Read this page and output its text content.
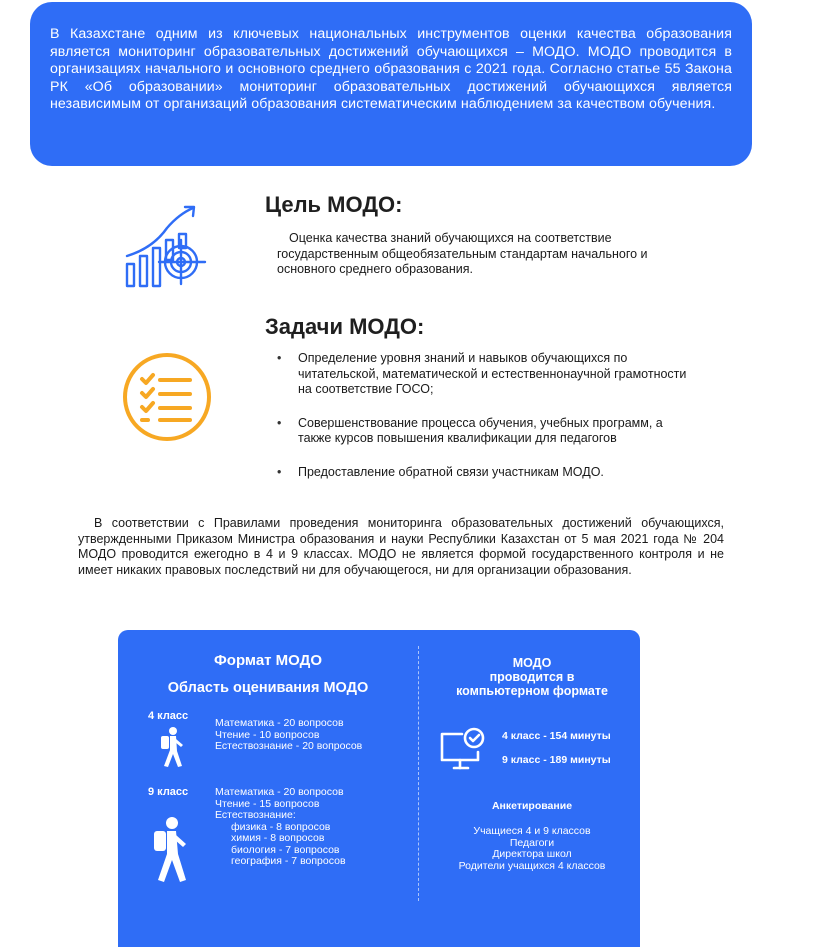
В Казахстане одним из ключевых национальных инструментов оценки качества образования является мониторинг образовательных достижений обучающихся – МОДО. МОДО проводится в организациях начального и основного среднего образования с 2021 года. Согласно статье 55 Закона РК «Об образовании» мониторинг образовательных достижений обучающихся является независимым от организаций образования систематическим наблюдением за качеством обучения.

Цель МОДО:

Оценка качества знаний обучающихся на соответствие государственным общеобязательным стандартам начального и основного среднего образования.

Задачи МОДО:
• Определение уровня знаний и навыков обучающихся по читательской, математической и естественнонаучной грамотности на соответствие ГОСО;
• Совершенствование процесса обучения, учебных программ, а также курсов повышения квалификации для педагогов
• Предоставление обратной связи участникам МОДО.

В соответствии с Правилами проведения мониторинга образовательных достижений обучающихся, утвержденными Приказом Министра образования и науки Республики Казахстан от 5 мая 2021 года № 204 МОДО проводится ежегодно в 4 и 9 классах. МОДО не является формой государственного контроля и не имеет никаких правовых последствий ни для обучающегося, ни для организации образования.

Формат МОДО
Область оценивания МОДО
4 класс
Математика - 20 вопросов
Чтение - 10 вопросов
Естествознание - 20 вопросов
9 класс	Математика - 20 вопросов
Чтение - 15 вопросов
Естествознание:
физика - 8 вопросов
химия - 8 вопросов
биология - 7 вопросов
география - 7 вопросов
МОДО
проводится в
компьютерном формате
4 класс - 154 минуты
9 класс - 189 минуты
Анкетирование
Учащиеся 4 и 9 классов
Педагоги
Директора школ
Родители учащихся 4 классов
